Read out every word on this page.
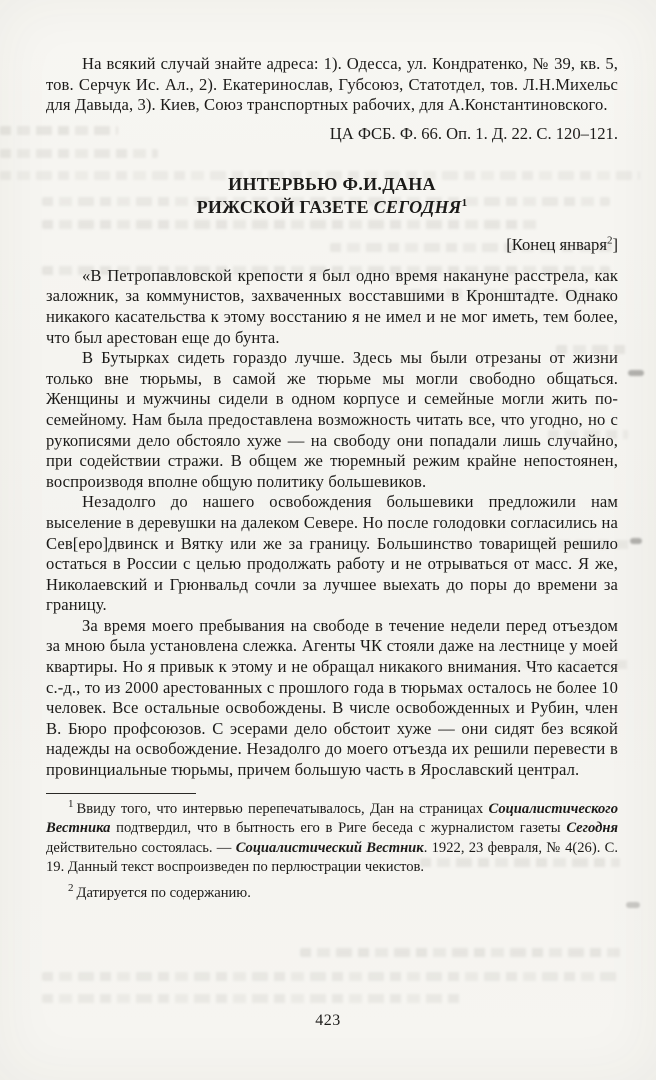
На всякий случай знайте адреса: 1). Одесса, ул. Кондратенко, № 39, кв. 5, тов. Серчук Ис. Ал., 2). Екатеринослав, Губсоюз, Статотдел, тов. Л.Н.Михельс для Давыда, 3). Киев, Союз транспортных рабочих, для А.Константиновского.

ЦА ФСБ. Ф. 66. Оп. 1. Д. 22. С. 120–121.

ИНТЕРВЬЮ Ф.И.ДАНА
РИЖСКОЙ ГАЗЕТЕ СЕГОДНЯ$^1$

[Конец января$^2$]

«В Петропавловской крепости я был одно время накануне расстрела, как заложник, за коммунистов, захваченных восставшими в Кронштадте. Однако никакого касательства к этому восстанию я не имел и не мог иметь, тем более, что был арестован еще до бунта.

В Бутырках сидеть гораздо лучше. Здесь мы были отрезаны от жизни только вне тюрьмы, в самой же тюрьме мы могли свободно общаться. Женщины и мужчины сидели в одном корпусе и семейные могли жить по-семейному. Нам была предоставлена возможность читать все, что угодно, но с рукописями дело обстояло хуже — на свободу они попадали лишь случайно, при содействии стражи. В общем же тюремный режим крайне непостоянен, воспроизводя вполне общую политику большевиков.

Незадолго до нашего освобождения большевики предложили нам выселение в деревушки на далеком Севере. Но после голодовки согласились на Сев[еро]двинск и Вятку или же за границу. Большинство товарищей решило остаться в России с целью продолжать работу и не отрываться от масс. Я же, Николаевский и Грюнвальд сочли за лучшее выехать до поры до времени за границу.

За время моего пребывания на свободе в течение недели перед отъездом за мною была установлена слежка. Агенты ЧК стояли даже на лестнице у моей квартиры. Но я привык к этому и не обращал никакого внимания. Что касается с.-д., то из 2000 арестованных с прошлого года в тюрьмах осталось не более 10 человек. Все остальные освобождены. В числе освобожденных и Рубин, член В. Бюро профсоюзов. С эсерами дело обстоит хуже — они сидят без всякой надежды на освобождение. Незадолго до моего отъезда их решили перевести в провинциальные тюрьмы, причем большую часть в Ярославский централ.

$^1$ Ввиду того, что интервью перепечатывалось, Дан на страницах Социалистического Вестника подтвердил, что в бытность его в Риге беседа с журналистом газеты Сегодня действительно состоялась. — Социалистический Вестник. 1922, 23 февраля, № 4(26). С. 19. Данный текст воспроизведен по перлюстрации чекистов.

$^2$ Датируется по содержанию.

423
